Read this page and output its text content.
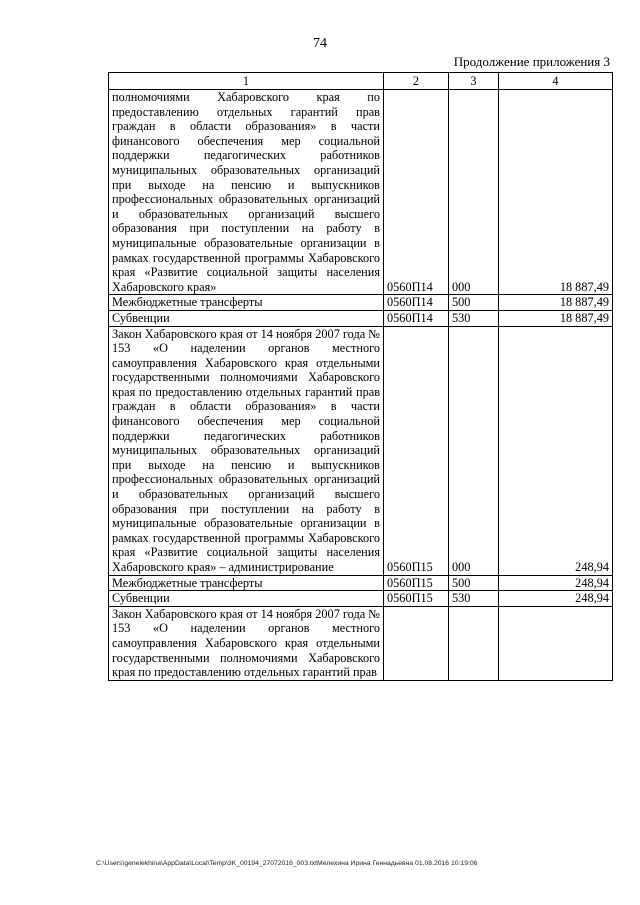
74
Продолжение приложения 3
1	2	3	4

полномочиями Хабаровского края по предоставлению отдельных гарантий прав граждан в области образования» в части финансового обеспечения мер социальной поддержки педагогических работников муниципальных образовательных организаций при выходе на пенсию и выпускников профессиональных образовательных организаций и образовательных организаций высшего образования при поступлении на работу в муниципальные образовательные организации в рамках государственной программы Хабаровского края «Развитие социальной защиты населения Хабаровского края»	0560П14	000	18 887,49
Межбюджетные трансферты	0560П14	500	18 887,49
Субвенции	0560П14	530	18 887,49

Закон Хабаровского края от 14 ноября 2007 года № 153 «О наделении органов местного самоуправления Хабаровского края отдельными государственными полномочиями Хабаровского края по предоставлению отдельных гарантий прав граждан в области образования» в части финансового обеспечения мер социальной поддержки педагогических работников муниципальных образовательных организаций при выходе на пенсию и выпускников профессиональных образовательных организаций и образовательных организаций высшего образования при поступлении на работу в муниципальные образовательные организации в рамках государственной программы Хабаровского края «Развитие социальной защиты населения Хабаровского края» – администрирование	0560П15	000	248,94
Межбюджетные трансферты	0560П15	500	248,94
Субвенции	0560П15	530	248,94

Закон Хабаровского края от 14 ноября 2007 года № 153 «О наделении органов местного самоуправления Хабаровского края отдельными государственными полномочиями Хабаровского края по предоставлению отдельных гарантий прав			

C:\Users\genelekhina\AppData\Local\Temp\3K_00194_27072016_003.txtМелехина Ирина Геннадьевна 01.08.2016 10:19:06
